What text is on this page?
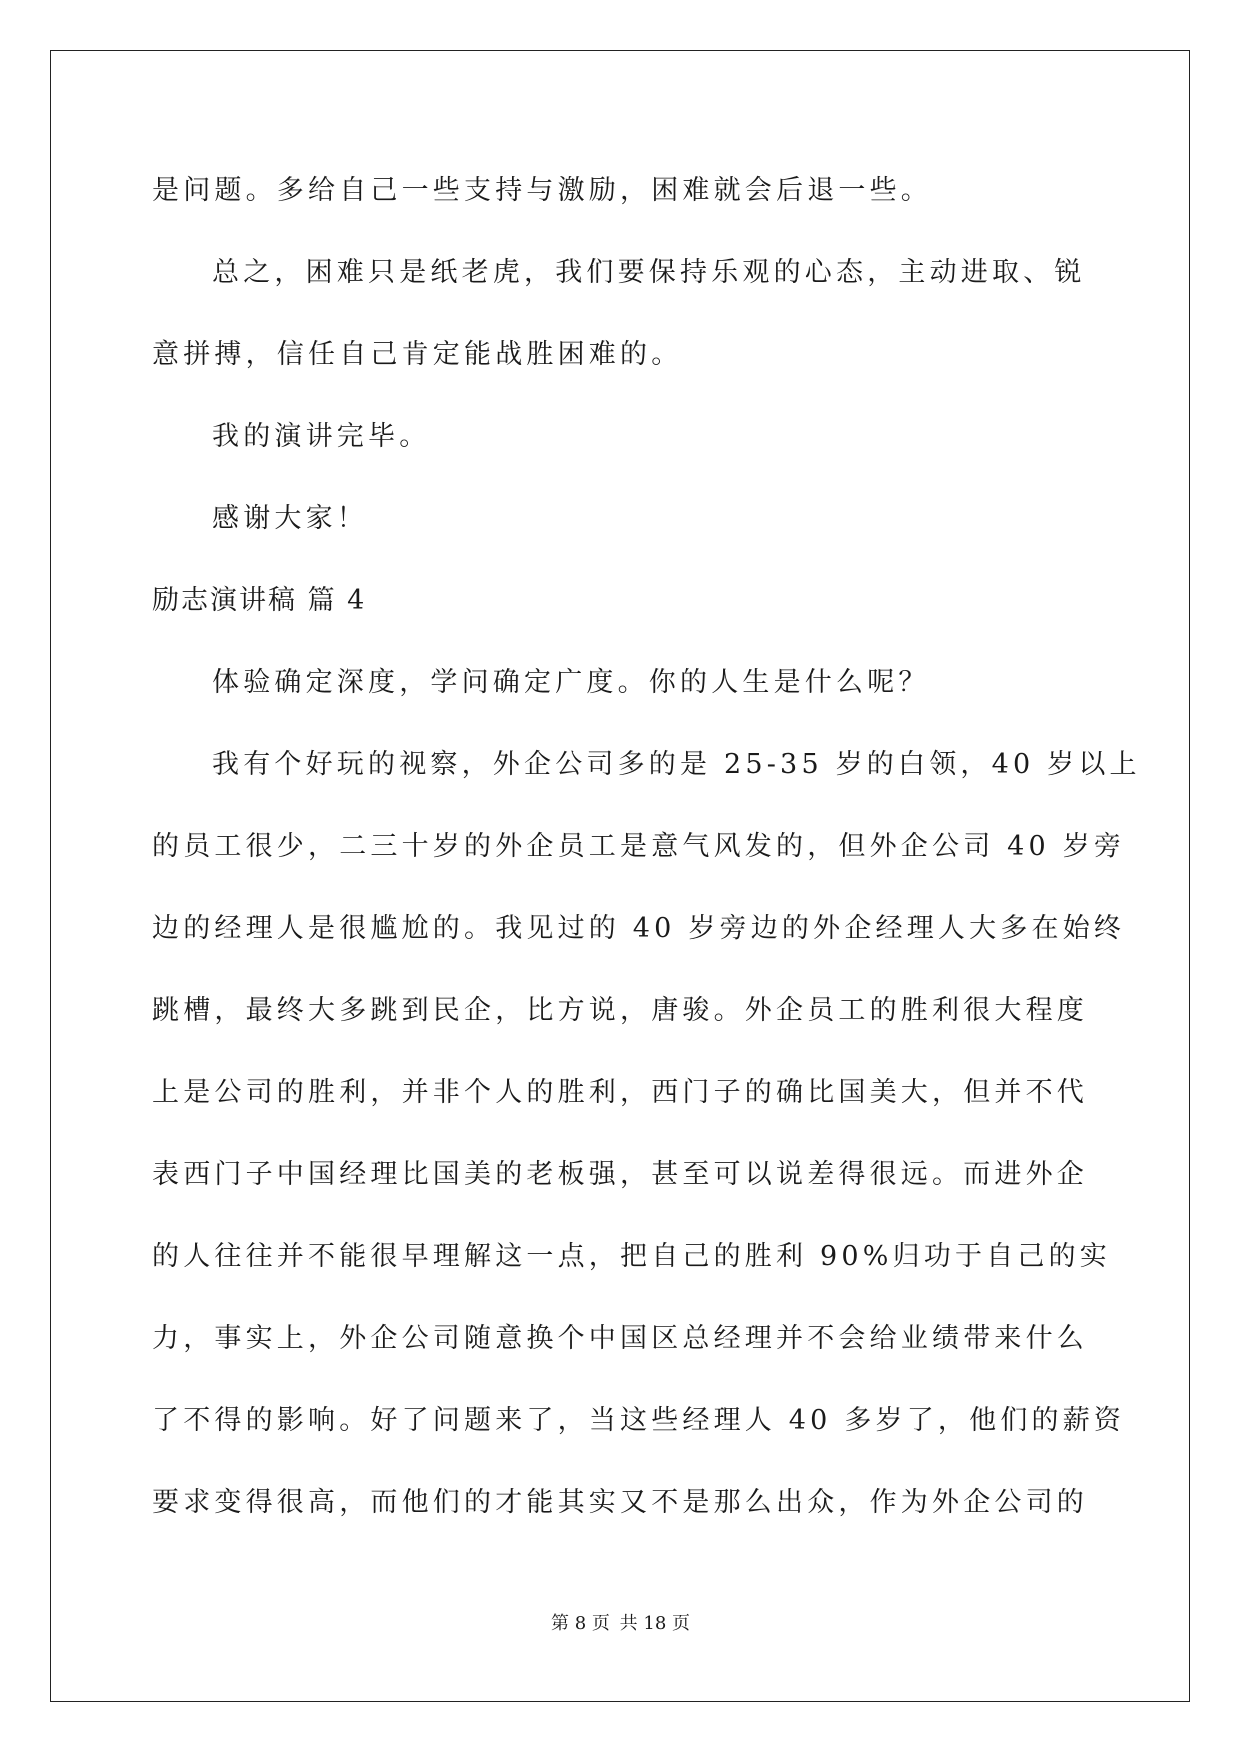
是问题。多给自己一些支持与激励，困难就会后退一些。
总之，困难只是纸老虎，我们要保持乐观的心态，主动进取、锐
意拼搏，信任自己肯定能战胜困难的。
我的演讲完毕。
感谢大家！
励志演讲稿 篇 4
体验确定深度，学问确定广度。你的人生是什么呢？
我有个好玩的视察，外企公司多的是 25-35 岁的白领，40 岁以上
的员工很少，二三十岁的外企员工是意气风发的，但外企公司 40 岁旁
边的经理人是很尴尬的。我见过的 40 岁旁边的外企经理人大多在始终
跳槽，最终大多跳到民企，比方说，唐骏。外企员工的胜利很大程度
上是公司的胜利，并非个人的胜利，西门子的确比国美大，但并不代
表西门子中国经理比国美的老板强，甚至可以说差得很远。而进外企
的人往往并不能很早理解这一点，把自己的胜利 90%归功于自己的实
力，事实上，外企公司随意换个中国区总经理并不会给业绩带来什么
了不得的影响。好了问题来了，当这些经理人 40 多岁了，他们的薪资
要求变得很高，而他们的才能其实又不是那么出众，作为外企公司的
第 8 页 共 18 页
